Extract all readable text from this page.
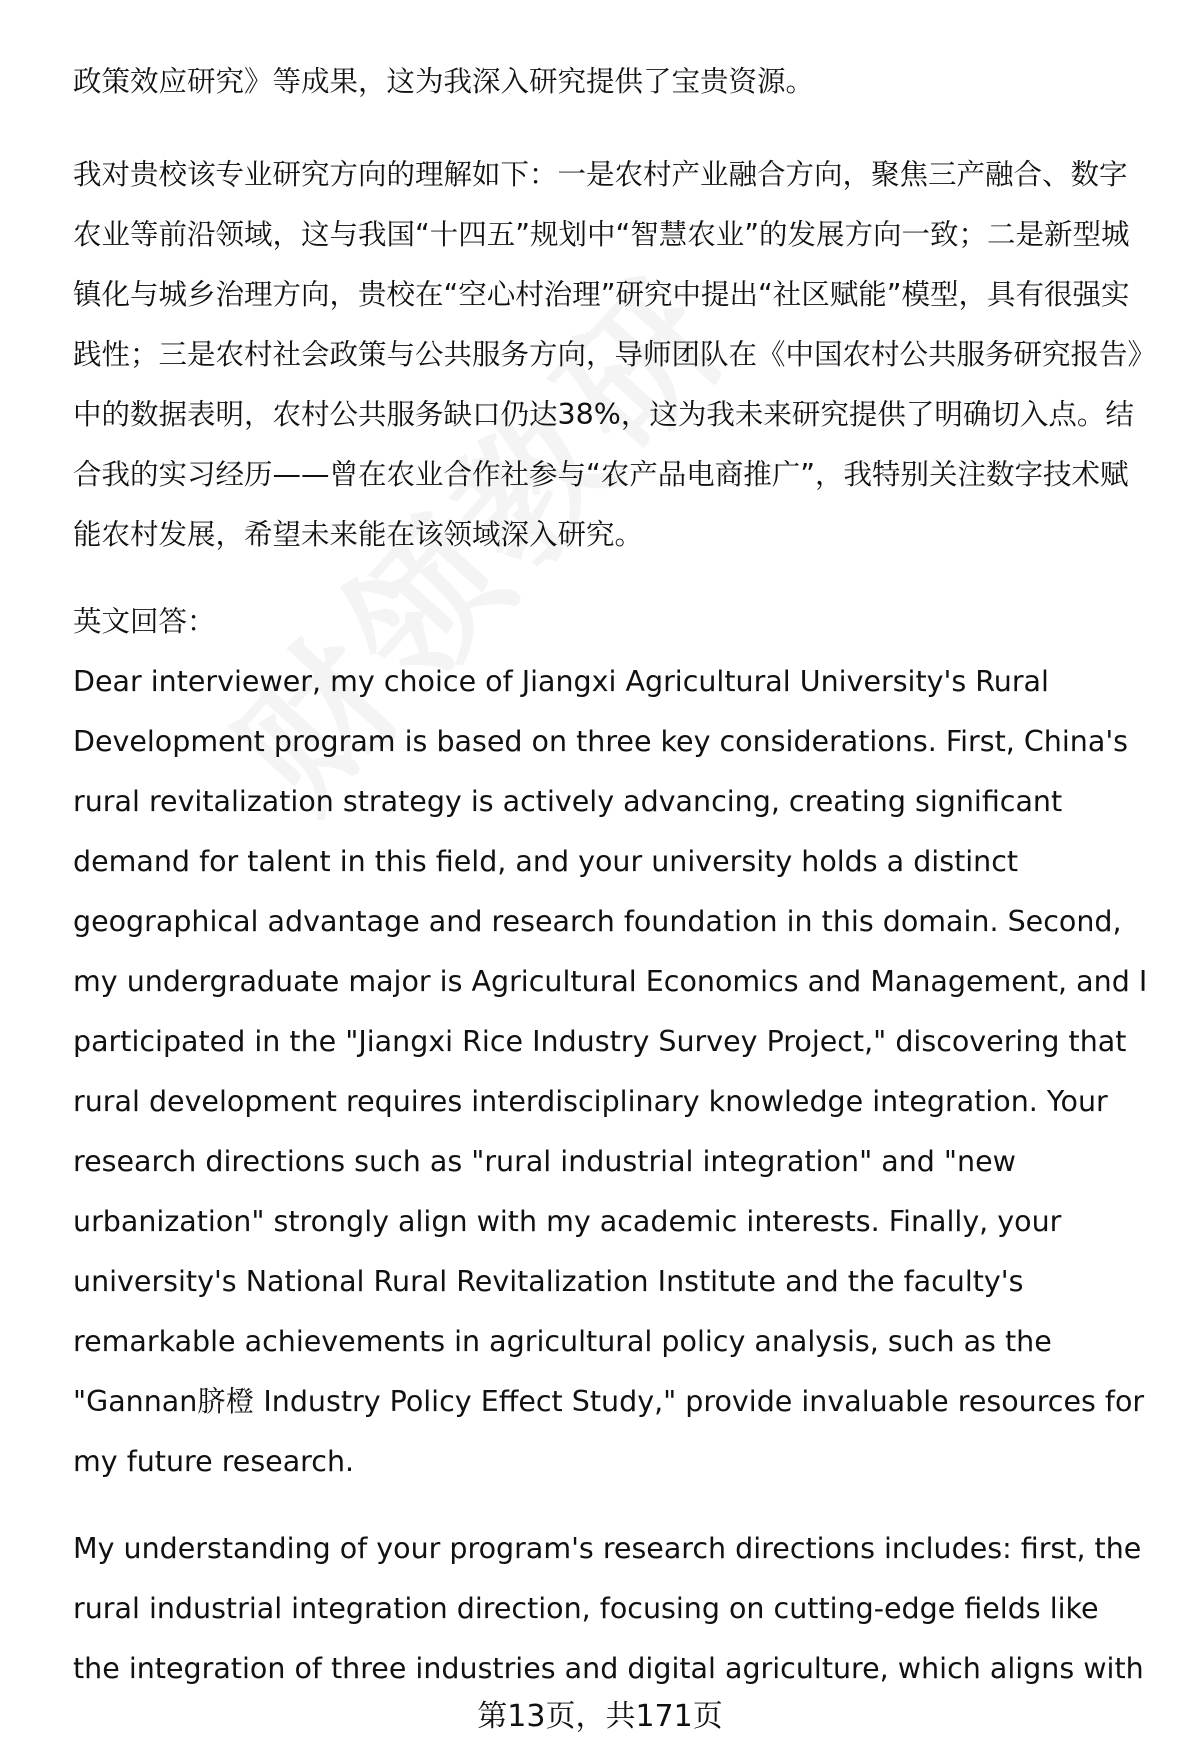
政策效应研究》等成果，这为我深入研究提供了宝贵资源。

我对贵校该专业研究方向的理解如下：一是农村产业融合方向，聚焦三产融合、数字农业等前沿领域，这与我国“十四五”规划中“智慧农业”的发展方向一致；二是新型城镇化与城乡治理方向，贵校在“空心村治理”研究中提出“社区赋能”模型，具有很强实践性；三是农村社会政策与公共服务方向，导师团队在《中国农村公共服务研究报告》中的数据表明，农村公共服务缺口仍达38%，这为我未来研究提供了明确切入点。结合我的实习经历——曾在农业合作社参与“农产品电商推广”，我特别关注数字技术赋能农村发展，希望未来能在该领域深入研究。

英文回答：

Dear interviewer, my choice of Jiangxi Agricultural University's Rural Development program is based on three key considerations. First, China's rural revitalization strategy is actively advancing, creating significant demand for talent in this field, and your university holds a distinct geographical advantage and research foundation in this domain. Second, my undergraduate major is Agricultural Economics and Management, and I participated in the "Jiangxi Rice Industry Survey Project," discovering that rural development requires interdisciplinary knowledge integration. Your research directions such as "rural industrial integration" and "new urbanization" strongly align with my academic interests. Finally, your university's National Rural Revitalization Institute and the faculty's remarkable achievements in agricultural policy analysis, such as the "Gannan脐橙 Industry Policy Effect Study," provide invaluable resources for my future research.

My understanding of your program's research directions includes: first, the rural industrial integration direction, focusing on cutting-edge fields like the integration of three industries and digital agriculture, which aligns with

第13页，共171页
